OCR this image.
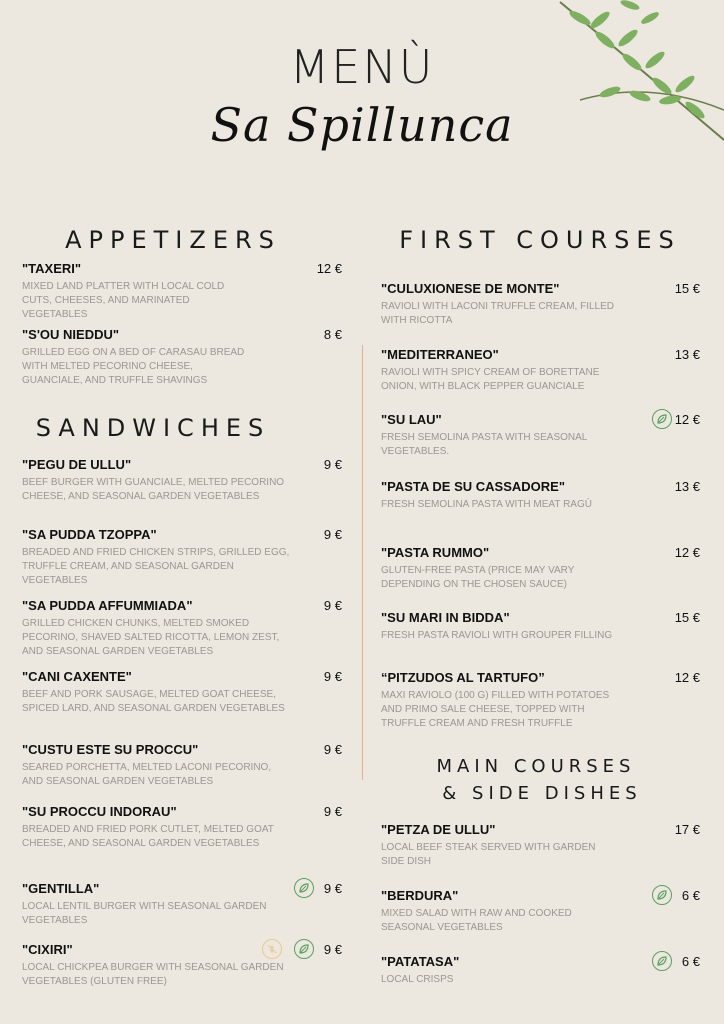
MENÙ
Sa Spillunca
APPETIZERS
SANDWICHES
FIRST COURSES
MAIN COURSES
& SIDE DISHES
"TAXERI"	12 €
MIXED LAND PLATTER WITH LOCAL COLD CUTS, CHEESES, AND MARINATED VEGETABLES
"S'OU NIEDDU"	8 €
GRILLED EGG ON A BED OF CARASAU BREAD WITH MELTED PECORINO CHEESE, GUANCIALE, AND TRUFFLE SHAVINGS
"PEGU DE ULLU"	9 €
BEEF BURGER WITH GUANCIALE, MELTED PECORINO CHEESE, AND SEASONAL GARDEN VEGETABLES
"SA PUDDA TZOPPA"	9 €
BREADED AND FRIED CHICKEN STRIPS, GRILLED EGG, TRUFFLE CREAM, AND SEASONAL GARDEN VEGETABLES
"SA PUDDA AFFUMMIADA"	9 €
GRILLED CHICKEN CHUNKS, MELTED SMOKED PECORINO, SHAVED SALTED RICOTTA, LEMON ZEST, AND SEASONAL GARDEN VEGETABLES
"CANI CAXENTE"	9 €
BEEF AND PORK SAUSAGE, MELTED GOAT CHEESE, SPICED LARD, AND SEASONAL GARDEN VEGETABLES
"CUSTU ESTE SU PROCCU"	9 €
SEARED PORCHETTA, MELTED LACONI PECORINO, AND SEASONAL GARDEN VEGETABLES
"SU PROCCU INDORAU"	9 €
BREADED AND FRIED PORK CUTLET, MELTED GOAT CHEESE, AND SEASONAL GARDEN VEGETABLES
"GENTILLA"	9 €
LOCAL LENTIL BURGER WITH SEASONAL GARDEN VEGETABLES
"CIXIRI"	9 €
LOCAL CHICKPEA BURGER WITH SEASONAL GARDEN VEGETABLES (GLUTEN FREE)
"CULUXIONESE DE MONTE"	15 €
RAVIOLI WITH LACONI TRUFFLE CREAM, FILLED WITH RICOTTA
"MEDITERRANEO"	13 €
RAVIOLI WITH SPICY CREAM OF BORETTANE ONION, WITH BLACK PEPPER GUANCIALE
"SU LAU"	12 €
FRESH SEMOLINA PASTA WITH SEASONAL VEGETABLES.
"PASTA DE SU CASSADORE"	13 €
FRESH SEMOLINA PASTA WITH MEAT RAGÙ
"PASTA RUMMO"	12 €
GLUTEN-FREE PASTA (PRICE MAY VARY DEPENDING ON THE CHOSEN SAUCE)
"SU MARI IN BIDDA"	15 €
FRESH PASTA RAVIOLI WITH GROUPER FILLING
“PITZUDOS AL TARTUFO”	12 €
MAXI RAVIOLO (100 G) FILLED WITH POTATOES AND PRIMO SALE CHEESE, TOPPED WITH TRUFFLE CREAM AND FRESH TRUFFLE
"PETZA DE ULLU"	17 €
LOCAL BEEF STEAK SERVED WITH GARDEN SIDE DISH
"BERDURA"	6 €
MIXED SALAD WITH RAW AND COOKED SEASONAL VEGETABLES
"PATATASA"	6 €
LOCAL CRISPS
